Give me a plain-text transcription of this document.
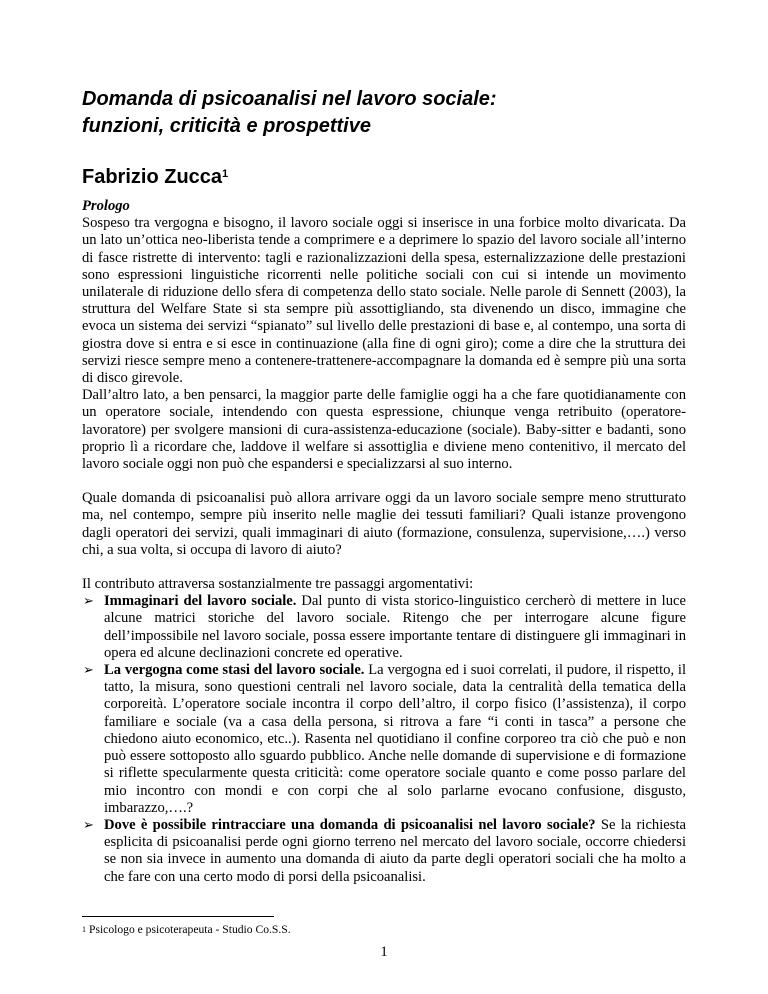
Domanda di psicoanalisi nel lavoro sociale:
funzioni, criticità e prospettive
Fabrizio Zucca$^1$
Prologo

Sospeso tra vergogna e bisogno, il lavoro sociale oggi si inserisce in una forbice molto divaricata. Da un lato un’ottica neo-liberista tende a comprimere e a deprimere lo spazio del lavoro sociale all’interno di fasce ristrette di intervento: tagli e razionalizzazioni della spesa, esternalizzazione delle prestazioni sono espressioni linguistiche ricorrenti nelle politiche sociali con cui si intende un movimento unilaterale di riduzione dello sfera di competenza dello stato sociale. Nelle parole di Sennett (2003), la struttura del Welfare State si sta sempre più assottigliando, sta divenendo un disco, immagine che evoca un sistema dei servizi “spianato” sul livello delle prestazioni di base e, al contempo, una sorta di giostra dove si entra e si esce in continuazione (alla fine di ogni giro); come a dire che la struttura dei servizi riesce sempre meno a contenere-trattenere-accompagnare la domanda ed è sempre più una sorta di disco girevole.

Dall’altro lato, a ben pensarci, la maggior parte delle famiglie oggi ha a che fare quotidianamente con un operatore sociale, intendendo con questa espressione, chiunque venga retribuito (operatore-lavoratore) per svolgere mansioni di cura-assistenza-educazione (sociale). Baby-sitter e badanti, sono proprio lì a ricordare che, laddove il welfare si assottiglia e diviene meno contenitivo, il mercato del lavoro sociale oggi non può che espandersi e specializzarsi al suo interno.

Quale domanda di psicoanalisi può allora arrivare oggi da un lavoro sociale sempre meno strutturato ma, nel contempo, sempre più inserito nelle maglie dei tessuti familiari? Quali istanze provengono dagli operatori dei servizi, quali immaginari di aiuto (formazione, consulenza, supervisione,….) verso chi, a sua volta, si occupa di lavoro di aiuto?

Il contributo attraversa sostanzialmente tre passaggi argomentativi:

➢ Immaginari del lavoro sociale. Dal punto di vista storico-linguistico cercherò di mettere in luce alcune matrici storiche del lavoro sociale. Ritengo che per interrogare alcune figure dell’impossibile nel lavoro sociale, possa essere importante tentare di distinguere gli immaginari in opera ed alcune declinazioni concrete ed operative.
➢ La vergogna come stasi del lavoro sociale. La vergogna ed i suoi correlati, il pudore, il rispetto, il tatto, la misura, sono questioni centrali nel lavoro sociale, data la centralità della tematica della corporeità. L’operatore sociale incontra il corpo dell’altro, il corpo fisico (l’assistenza), il corpo familiare e sociale (va a casa della persona, si ritrova a fare “i conti in tasca” a persone che chiedono aiuto economico, etc..). Rasenta nel quotidiano il confine corporeo tra ciò che può e non può essere sottoposto allo sguardo pubblico. Anche nelle domande di supervisione e di formazione si riflette specularmente questa criticità: come operatore sociale quanto e come posso parlare del mio incontro con mondi e con corpi che al solo parlarne evocano confusione, disgusto, imbarazzo,….?
➢ Dove è possibile rintracciare una domanda di psicoanalisi nel lavoro sociale? Se la richiesta esplicita di psicoanalisi perde ogni giorno terreno nel mercato del lavoro sociale, occorre chiedersi se non sia invece in aumento una domanda di aiuto da parte degli operatori sociali che ha molto a che fare con una certo modo di porsi della psicoanalisi.
$^1$ Psicologo e psicoterapeuta - Studio Co.S.S.
1
